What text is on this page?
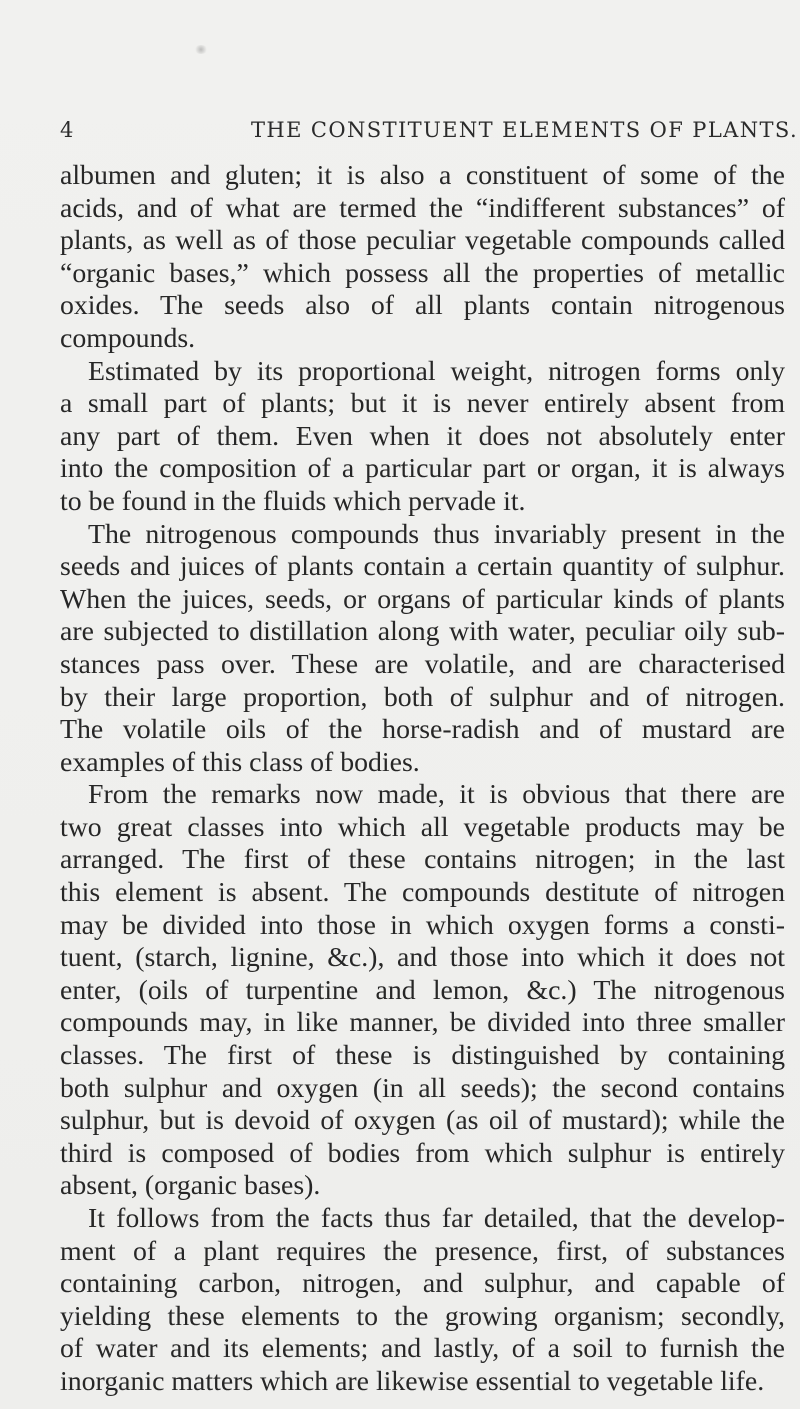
4	THE CONSTITUENT ELEMENTS OF PLANTS.
albumen and gluten; it is also a constituent of some of the
acids, and of what are termed the “indifferent substances” of
plants, as well as of those peculiar vegetable compounds called
“organic bases,” which possess all the properties of metallic
oxides. The seeds also of all plants contain nitrogenous
compounds.
Estimated by its proportional weight, nitrogen forms only
a small part of plants; but it is never entirely absent from
any part of them. Even when it does not absolutely enter
into the composition of a particular part or organ, it is always
to be found in the fluids which pervade it.
The nitrogenous compounds thus invariably present in the
seeds and juices of plants contain a certain quantity of sulphur.
When the juices, seeds, or organs of particular kinds of plants
are subjected to distillation along with water, peculiar oily sub-
stances pass over. These are volatile, and are characterised
by their large proportion, both of sulphur and of nitrogen.
The volatile oils of the horse-radish and of mustard are
examples of this class of bodies.
From the remarks now made, it is obvious that there are
two great classes into which all vegetable products may be
arranged. The first of these contains nitrogen; in the last
this element is absent. The compounds destitute of nitrogen
may be divided into those in which oxygen forms a consti-
tuent, (starch, lignine, &c.), and those into which it does not
enter, (oils of turpentine and lemon, &c.) The nitrogenous
compounds may, in like manner, be divided into three smaller
classes. The first of these is distinguished by containing
both sulphur and oxygen (in all seeds); the second contains
sulphur, but is devoid of oxygen (as oil of mustard); while the
third is composed of bodies from which sulphur is entirely
absent, (organic bases).
It follows from the facts thus far detailed, that the develop-
ment of a plant requires the presence, first, of substances
containing carbon, nitrogen, and sulphur, and capable of
yielding these elements to the growing organism; secondly,
of water and its elements; and lastly, of a soil to furnish the
inorganic matters which are likewise essential to vegetable life.
